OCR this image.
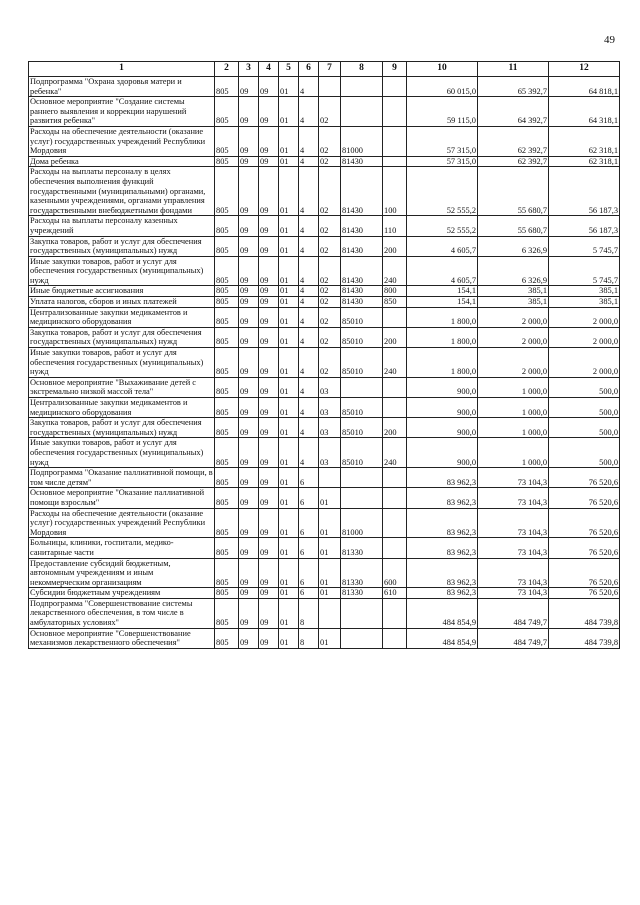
49
1	2	3	4	5	6	7	8	9	10	11	12
Подпрограмма "Охрана здоровья матери и ребенка"	805	09	09	01	4				60 015,0	65 392,7	64 818,1
Основное мероприятие "Создание системы раннего выявления и коррекции нарушений развития ребенка"	805	09	09	01	4	02			59 115,0	64 392,7	64 318,1
Расходы на обеспечение деятельности (оказание услуг) государственных учреждений Республики Мордовия	805	09	09	01	4	02	81000		57 315,0	62 392,7	62 318,1
Дома ребенка	805	09	09	01	4	02	81430		57 315,0	62 392,7	62 318,1
Расходы на выплаты персоналу в целях обеспечения выполнения функций государственными (муниципальными) органами, казенными учреждениями, органами управления государственными внебюджетными фондами	805	09	09	01	4	02	81430	100	52 555,2	55 680,7	56 187,3
Расходы на выплаты персоналу казенных учреждений	805	09	09	01	4	02	81430	110	52 555,2	55 680,7	56 187,3
Закупка товаров, работ и услуг для обеспечения государственных (муниципальных) нужд	805	09	09	01	4	02	81430	200	4 605,7	6 326,9	5 745,7
Иные закупки товаров, работ и услуг для обеспечения государственных (муниципальных) нужд	805	09	09	01	4	02	81430	240	4 605,7	6 326,9	5 745,7
Иные бюджетные ассигнования	805	09	09	01	4	02	81430	800	154,1	385,1	385,1
Уплата налогов, сборов и иных платежей	805	09	09	01	4	02	81430	850	154,1	385,1	385,1
Централизованные закупки медикаментов и медицинского оборудования	805	09	09	01	4	02	85010		1 800,0	2 000,0	2 000,0
Закупка товаров, работ и услуг для обеспечения государственных (муниципальных) нужд	805	09	09	01	4	02	85010	200	1 800,0	2 000,0	2 000,0
Иные закупки товаров, работ и услуг для обеспечения государственных (муниципальных) нужд	805	09	09	01	4	02	85010	240	1 800,0	2 000,0	2 000,0
Основное мероприятие "Выхаживание детей с экстремально низкой массой тела"	805	09	09	01	4	03			900,0	1 000,0	500,0
Централизованные закупки медикаментов и медицинского оборудования	805	09	09	01	4	03	85010		900,0	1 000,0	500,0
Закупка товаров, работ и услуг для обеспечения государственных (муниципальных) нужд	805	09	09	01	4	03	85010	200	900,0	1 000,0	500,0
Иные закупки товаров, работ и услуг для обеспечения государственных (муниципальных) нужд	805	09	09	01	4	03	85010	240	900,0	1 000,0	500,0
Подпрограмма "Оказание паллиативной помощи, в том числе детям"	805	09	09	01	6				83 962,3	73 104,3	76 520,6
Основное мероприятие "Оказание паллиативной помощи взрослым"	805	09	09	01	6	01			83 962,3	73 104,3	76 520,6
Расходы на обеспечение деятельности (оказание услуг) государственных учреждений Республики Мордовия	805	09	09	01	6	01	81000		83 962,3	73 104,3	76 520,6
Больницы, клиники, госпитали, медико-санитарные части	805	09	09	01	6	01	81330		83 962,3	73 104,3	76 520,6
Предоставление субсидий бюджетным, автономным учреждениям и иным некоммерческим организациям	805	09	09	01	6	01	81330	600	83 962,3	73 104,3	76 520,6
Субсидии бюджетным учреждениям	805	09	09	01	6	01	81330	610	83 962,3	73 104,3	76 520,6
Подпрограмма "Совершенствование системы лекарственного обеспечения, в том числе в амбулаторных условиях"	805	09	09	01	8				484 854,9	484 749,7	484 739,8
Основное мероприятие "Совершенствование механизмов лекарственного обеспечения"	805	09	09	01	8	01			484 854,9	484 749,7	484 739,8
